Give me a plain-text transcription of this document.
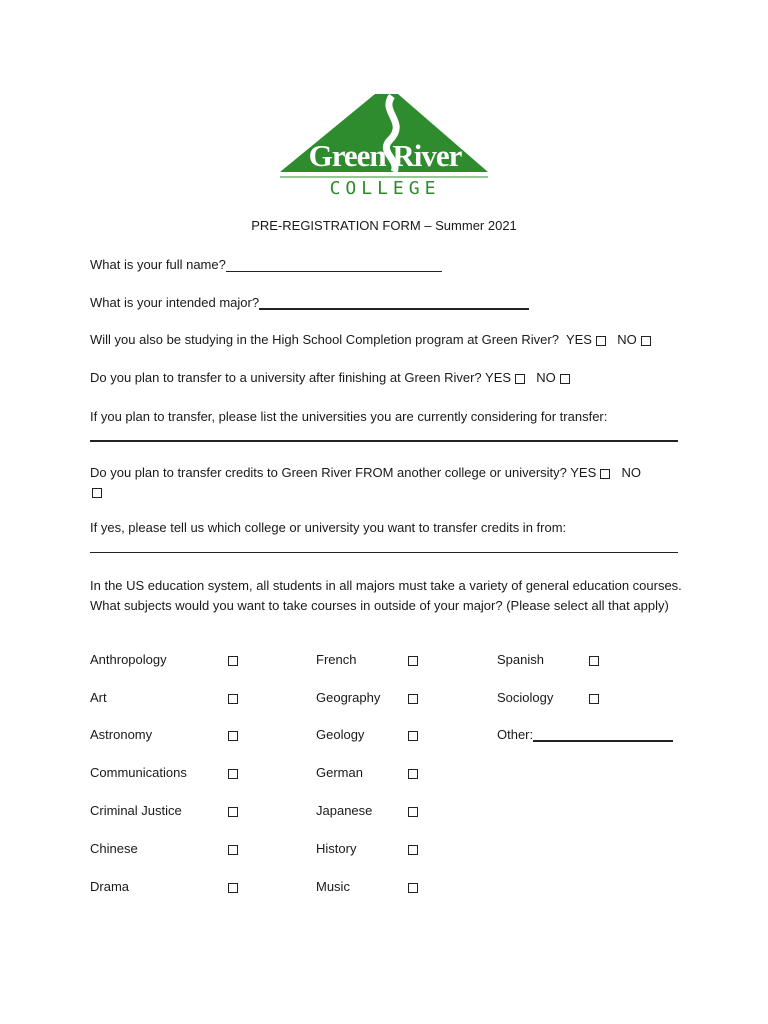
Green River
COLLEGE
PRE-REGISTRATION FORM – Summer 2021
What is your full name?
What is your intended major?
Will you also be studying in the High School Completion program at Green River? YES NO
Do you plan to transfer to a university after finishing at Green River? YES NO
If you plan to transfer, please list the universities you are currently considering for transfer:
Do you plan to transfer credits to Green River FROM another college or university? YES NO
If yes, please tell us which college or university you want to transfer credits in from:
In the US education system, all students in all majors must take a variety of general education courses. What subjects would you want to take courses in outside of your major? (Please select all that apply)
Anthropology
Art
Astronomy
Communications
Criminal Justice
Chinese
Drama
French
Geography
Geology
German
Japanese
History
Music
Spanish
Sociology
Other:
